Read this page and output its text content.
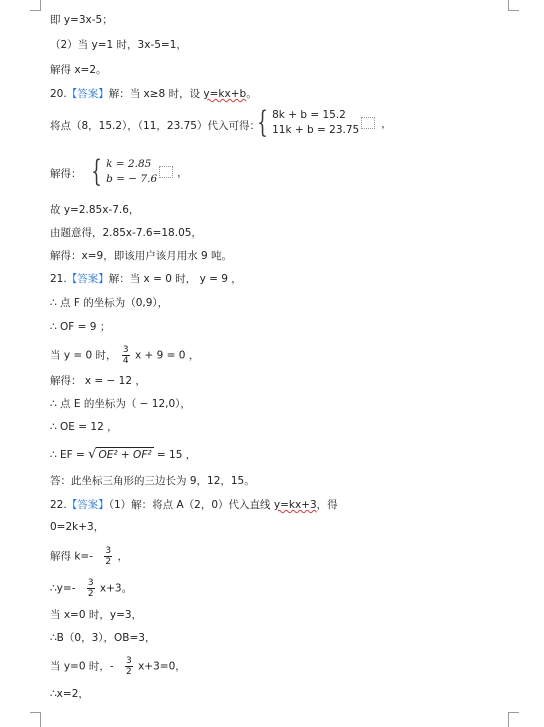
即 y=3x-5；
（2）当 y=1 时，3x-5=1，
解得 x=2。
20.【答案】解：当 x≥8 时，设 y=kx+b。
将点（8，15.2），（11，23.75）代入可得：
{ 8k + b = 15.2
11k + b = 23.75
，
解得： { k = 2.85
b = − 7.6
，
故 y=2.85x-7.6，
由题意得，2.85x-7.6=18.05，
解得：x=9，即该用户该月用水 9 吨。
21.【答案】解：当 x = 0 时， y = 9 ，
∴ 点 F 的坐标为（0,9），
∴ OF = 9 ；
当 y = 0 时， $\frac{3}{4}$ x + 9 = 0 ，
解得： x = − 12 ，
∴ 点 E 的坐标为（ − 12,0），
∴ OE = 12 ，
∴ EF = √ OE² + OF² = 15 ，
答：此坐标三角形的三边长为 9，12，15。
22.【答案】（1）解：将点 A（2，0）代入直线 y=kx+3，得
0=2k+3，
解得 $k=- \frac{3}{2}$ ，
∴y=- $\frac{3}{2} x+3$。
当 x=0 时，y=3，
∴B（0，3），OB=3，
当 y=0 时，- $\frac{3}{2} x+3=0$，
∴x=2，
